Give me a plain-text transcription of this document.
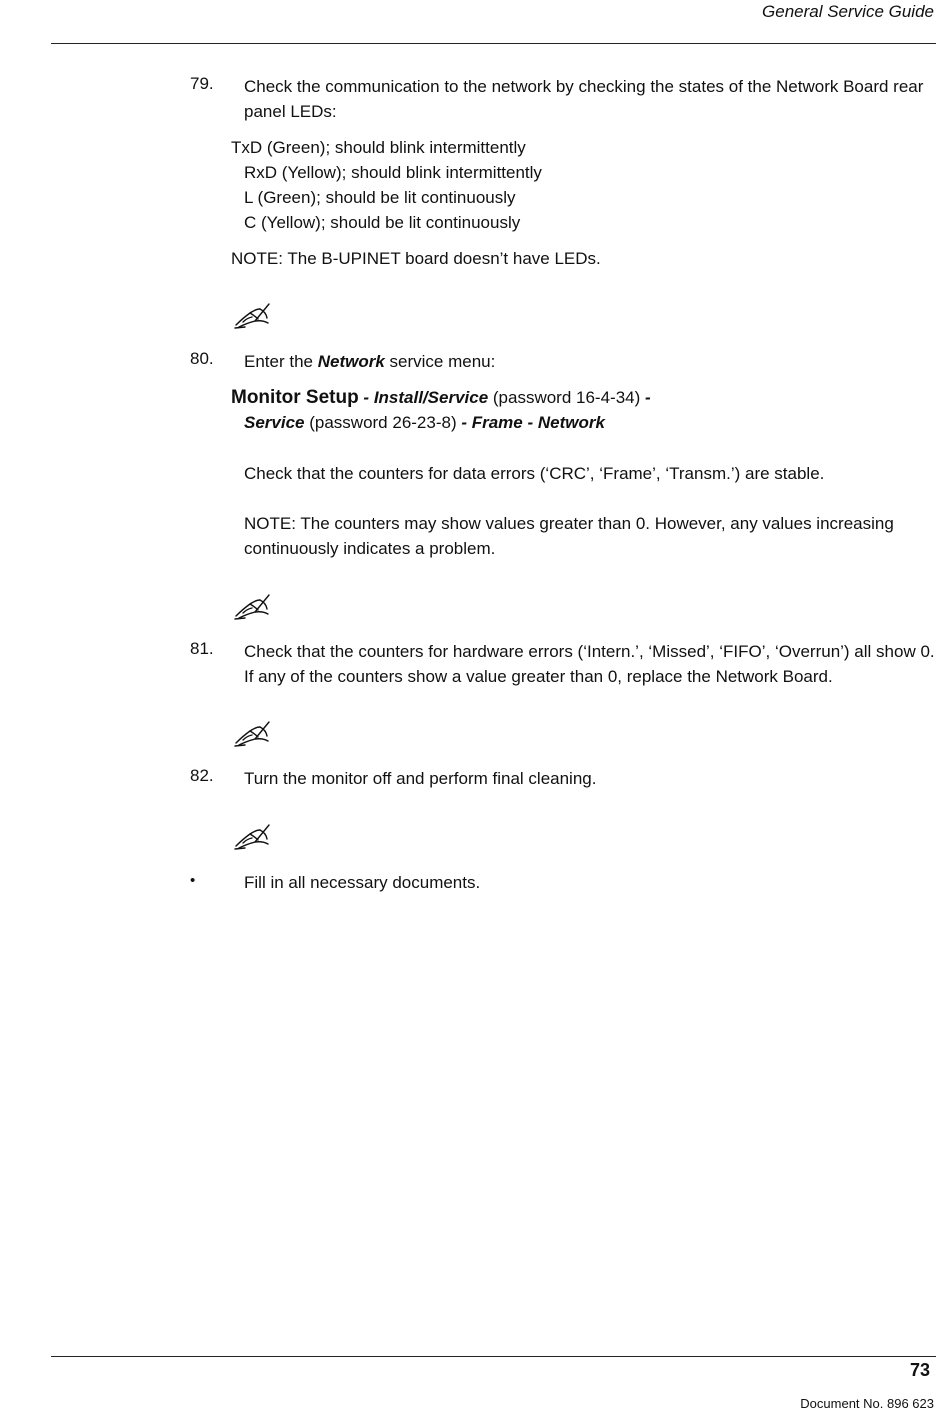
General Service Guide
79. Check the communication to the network by checking the states of the Network Board rear
panel LEDs:
TxD (Green); should blink intermittently
RxD (Yellow); should blink intermittently
L (Green); should be lit continuously
C (Yellow); should be lit continuously
NOTE: The B-UPINET board doesn’t have LEDs.
80. Enter the Network service menu:
Monitor Setup - Install/Service (password 16-4-34) -
Service (password 26-23-8) - Frame - Network
Check that the counters for data errors (‘CRC’, ‘Frame’, ‘Transm.’) are stable.
NOTE: The counters may show values greater than 0. However, any values increasing
continuously indicates a problem.
81. Check that the counters for hardware errors (‘Intern.’, ‘Missed’, ‘FIFO’, ‘Overrun’) all show 0.
If any of the counters show a value greater than 0, replace the Network Board.
82. Turn the monitor off and perform final cleaning.
•	Fill in all necessary documents.
73
Document No. 896 623
